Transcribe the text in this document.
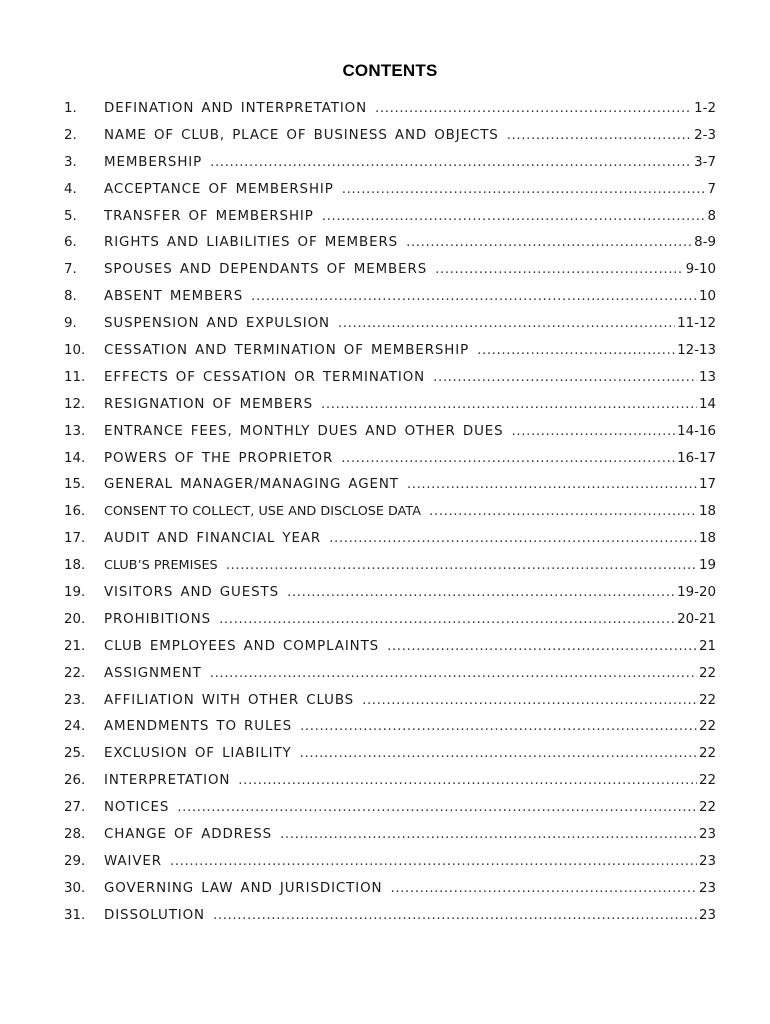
CONTENTS
1.	DEFINATION AND INTERPRETATION .....	1-2
2.	NAME OF CLUB, PLACE OF BUSINESS AND OBJECTS .....	2-3
3.	MEMBERSHIP .....	3-7
4.	ACCEPTANCE OF MEMBERSHIP .....	7
5.	TRANSFER OF MEMBERSHIP .....	8
6.	RIGHTS AND LIABILITIES OF MEMBERS .....	8-9
7.	SPOUSES AND DEPENDANTS OF MEMBERS .....	9-10
8.	ABSENT MEMBERS .....	10
9.	SUSPENSION AND EXPULSION .....	11-12
10.	CESSATION AND TERMINATION OF MEMBERSHIP .....	12-13
11.	EFFECTS OF CESSATION OR TERMINATION .....	13
12.	RESIGNATION OF MEMBERS .....	14
13.	ENTRANCE FEES, MONTHLY DUES AND OTHER DUES .....	14-16
14.	POWERS OF THE PROPRIETOR .....	16-17
15.	GENERAL MANAGER/MANAGING AGENT .....	17
16.	CONSENT TO COLLECT, USE AND DISCLOSE DATA .....	18
17.	AUDIT AND FINANCIAL YEAR .....	18
18.	CLUB’S PREMISES .....	19
19.	VISITORS AND GUESTS .....	19-20
20.	PROHIBITIONS .....	20-21
21.	CLUB EMPLOYEES AND COMPLAINTS .....	21
22.	ASSIGNMENT .....	22
23.	AFFILIATION WITH OTHER CLUBS .....	22
24.	AMENDMENTS TO RULES .....	22
25.	EXCLUSION OF LIABILITY .....	22
26.	INTERPRETATION .....	22
27.	NOTICES .....	22
28.	CHANGE OF ADDRESS .....	23
29.	WAIVER .....	23
30.	GOVERNING LAW AND JURISDICTION .....	23
31.	DISSOLUTION .....	23
